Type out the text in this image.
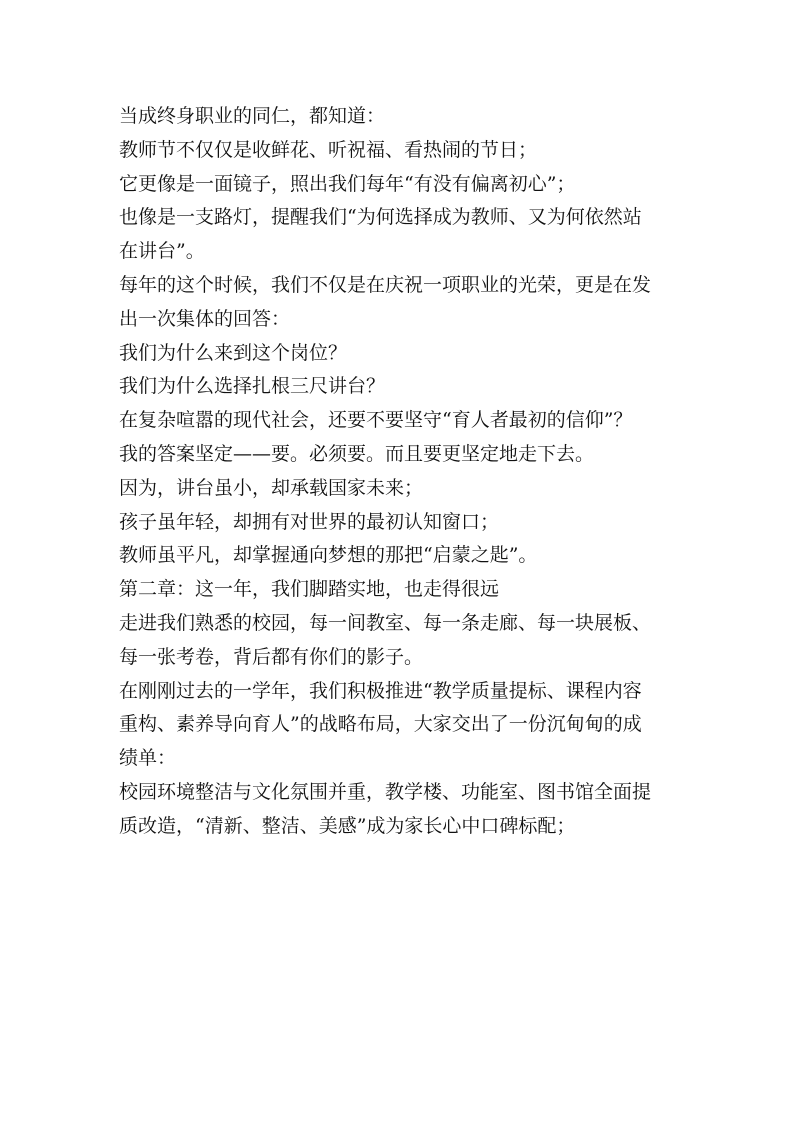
当成终身职业的同仁，都知道：

教师节不仅仅是收鲜花、听祝福、看热闹的节日；

它更像是一面镜子，照出我们每年“有没有偏离初心”；

也像是一支路灯，提醒我们“为何选择成为教师、又为何依然站

在讲台”。

每年的这个时候，我们不仅是在庆祝一项职业的光荣，更是在发

出一次集体的回答：

我们为什么来到这个岗位？

我们为什么选择扎根三尺讲台？

在复杂喧嚣的现代社会，还要不要坚守“育人者最初的信仰”？

我的答案坚定——要。必须要。而且要更坚定地走下去。

因为，讲台虽小，却承载国家未来；

孩子虽年轻，却拥有对世界的最初认知窗口；

教师虽平凡，却掌握通向梦想的那把“启蒙之匙”。

第二章：这一年，我们脚踏实地，也走得很远

走进我们熟悉的校园，每一间教室、每一条走廊、每一块展板、

每一张考卷，背后都有你们的影子。

在刚刚过去的一学年，我们积极推进“教学质量提标、课程内容

重构、素养导向育人”的战略布局，大家交出了一份沉甸甸的成

绩单：

校园环境整洁与文化氛围并重，教学楼、功能室、图书馆全面提

质改造，“清新、整洁、美感”成为家长心中口碑标配；
